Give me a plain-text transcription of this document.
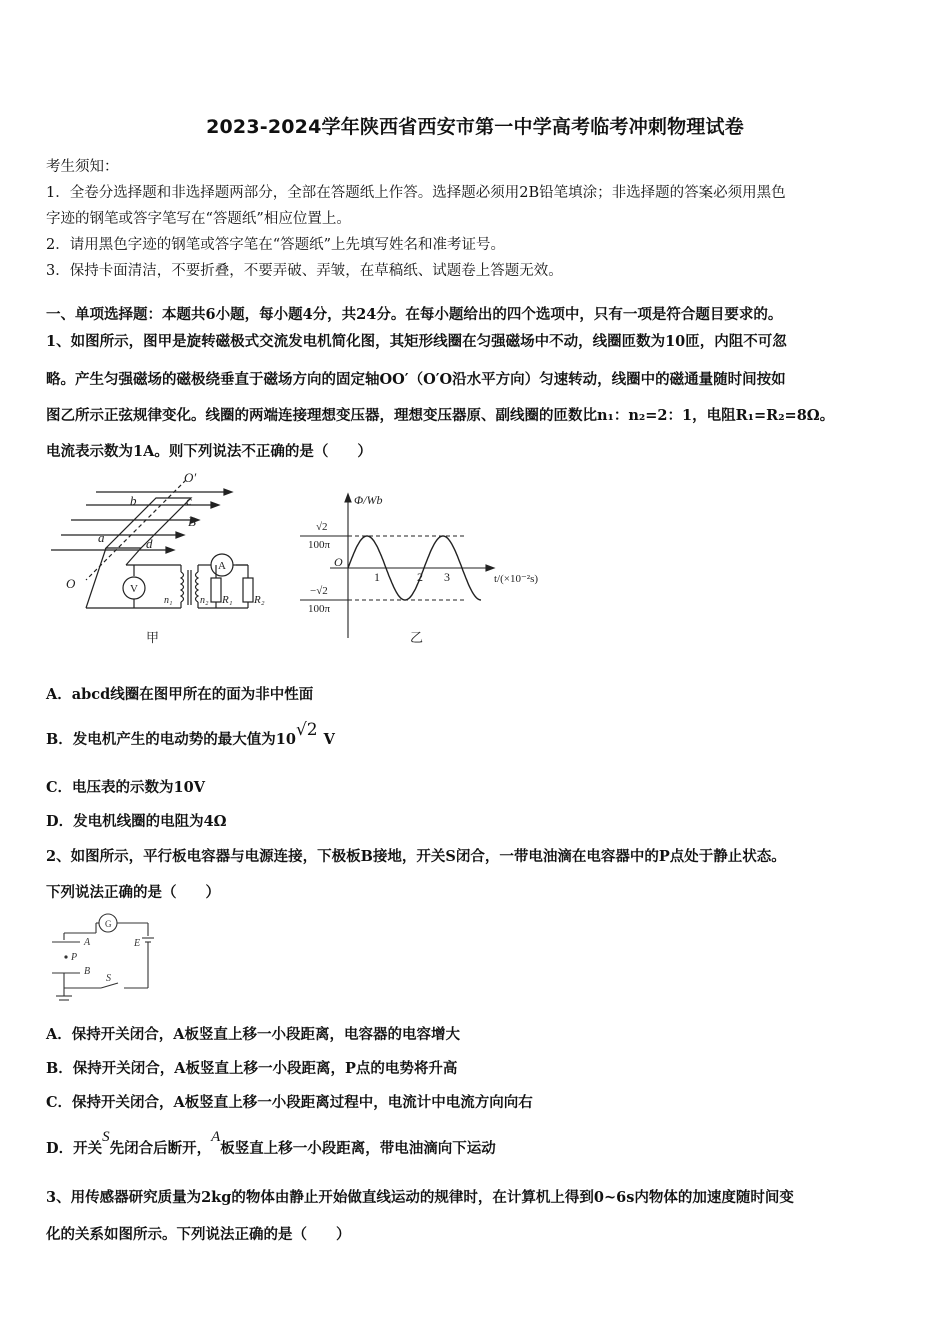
2023-2024学年陕西省西安市第一中学高考临考冲刺物理试卷
考生须知：
1．全卷分选择题和非选择题两部分，全部在答题纸上作答。选择题必须用2B铅笔填涂；非选择题的答案必须用黑色
字迹的钢笔或答字笔写在“答题纸”相应位置上。
2．请用黑色字迹的钢笔或答字笔在“答题纸”上先填写姓名和准考证号。
3．保持卡面清洁，不要折叠，不要弄破、弄皱，在草稿纸、试题卷上答题无效。
一、单项选择题：本题共6小题，每小题4分，共24分。在每小题给出的四个选项中，只有一项是符合题目要求的。
1、如图所示，图甲是旋转磁极式交流发电机简化图，其矩形线圈在匀强磁场中不动，线圈匝数为10匝，内阻不可忽
略。产生匀强磁场的磁极绕垂直于磁场方向的固定轴OO′（O′O沿水平方向）匀速转动，线圈中的磁通量随时间按如
图乙所示正弦规律变化。线圈的两端连接理想变压器，理想变压器原、副线圈的匝数比n₁：n₂=2：1，电阻R₁=R₂=8Ω。
电流表示数为1A。则下列说法不正确的是（　　）
O′
O
a
b	c
d
B
n₁	n₂ R₁ R₂
V
A
甲
Φ/Wb
O
1	2 3	t/(×10⁻²s)
√2
100π
−√2
100π
乙
A．abcd线圈在图甲所在的面为非中性面
B．发电机产生的电动势的最大值为10√2 V
C．电压表的示数为10V
D．发电机线圈的电阻为4Ω
2、如图所示，平行板电容器与电源连接，下极板B接地，开关S闭合，一带电油滴在电容器中的P点处于静止状态。
下列说法正确的是（　　）
G
A	E
P
B
S
A．保持开关闭合，A板竖直上移一小段距离，电容器的电容增大
B．保持开关闭合，A板竖直上移一小段距离，P点的电势将升高
C．保持开关闭合，A板竖直上移一小段距离过程中，电流计中电流方向向右
D．开关S先闭合后断开，A板竖直上移一小段距离，带电油滴向下运动
3、用传感器研究质量为2kg的物体由静止开始做直线运动的规律时，在计算机上得到0~6s内物体的加速度随时间变
化的关系如图所示。下列说法正确的是（　　）
